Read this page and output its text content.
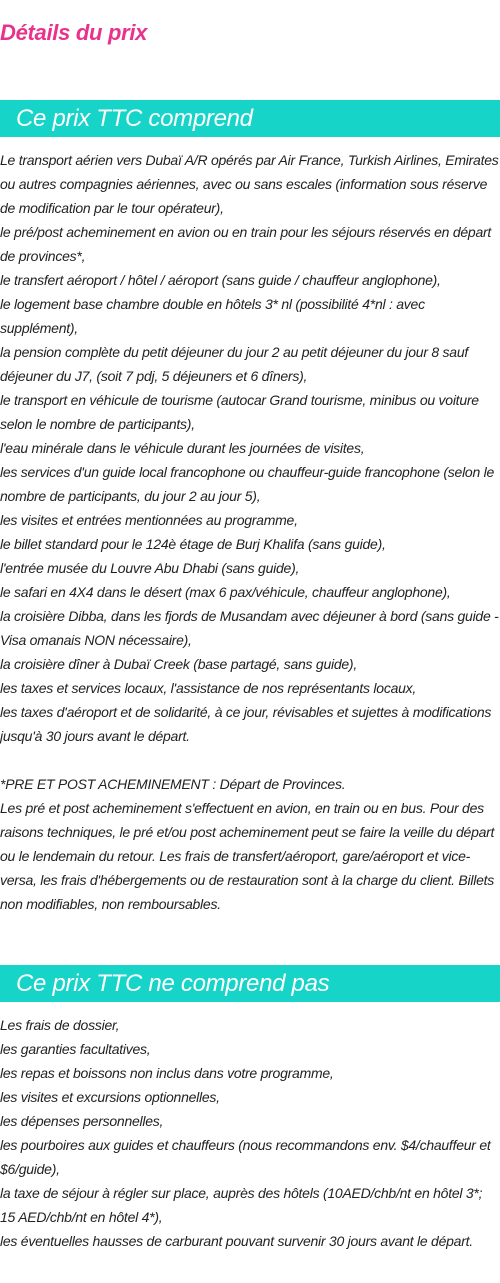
Détails du prix
Ce prix TTC comprend

Le transport aérien vers Dubaï A/R opérés par Air France, Turkish Airlines, Emirates ou autres compagnies aériennes, avec ou sans escales (information sous réserve de modification par le tour opérateur),

le pré/post acheminement en avion ou en train pour les séjours réservés en départ de provinces*,

le transfert aéroport / hôtel / aéroport (sans guide / chauffeur anglophone),

le logement base chambre double en hôtels 3* nl (possibilité 4*nl : avec supplément),

la pension complète du petit déjeuner du jour 2 au petit déjeuner du jour 8 sauf déjeuner du J7, (soit 7 pdj, 5 déjeuners et 6 dîners),

le transport en véhicule de tourisme (autocar Grand tourisme, minibus ou voiture selon le nombre de participants),

l'eau minérale dans le véhicule durant les journées de visites,

les services d'un guide local francophone ou chauffeur-guide francophone (selon le nombre de participants, du jour 2 au jour 5),

les visites et entrées mentionnées au programme,

le billet standard pour le 124è étage de Burj Khalifa (sans guide),

l'entrée musée du Louvre Abu Dhabi (sans guide),

le safari en 4X4 dans le désert (max 6 pax/véhicule, chauffeur anglophone),

la croisière Dibba, dans les fjords de Musandam avec déjeuner à bord (sans guide - Visa omanais NON nécessaire),

la croisière dîner à Dubaï Creek (base partagé, sans guide),

les taxes et services locaux, l'assistance de nos représentants locaux,

les taxes d'aéroport et de solidarité, à ce jour, révisables et sujettes à modifications jusqu'à 30 jours avant le départ.

*PRE ET POST ACHEMINEMENT : Départ de Provinces.

Les pré et post acheminement s'effectuent en avion, en train ou en bus. Pour des raisons techniques, le pré et/ou post acheminement peut se faire la veille du départ ou le lendemain du retour. Les frais de transfert/aéroport, gare/aéroport et vice-versa, les frais d'hébergements ou de restauration sont à la charge du client. Billets non modifiables, non remboursables.

Ce prix TTC ne comprend pas

Les frais de dossier,

les garanties facultatives,

les repas et boissons non inclus dans votre programme,

les visites et excursions optionnelles,

les dépenses personnelles,

les pourboires aux guides et chauffeurs (nous recommandons env. $4/chauffeur et $6/guide),

la taxe de séjour à régler sur place, auprès des hôtels (10AED/chb/nt en hôtel 3*; 15 AED/chb/nt en hôtel 4*),

les éventuelles hausses de carburant pouvant survenir 30 jours avant le départ.
